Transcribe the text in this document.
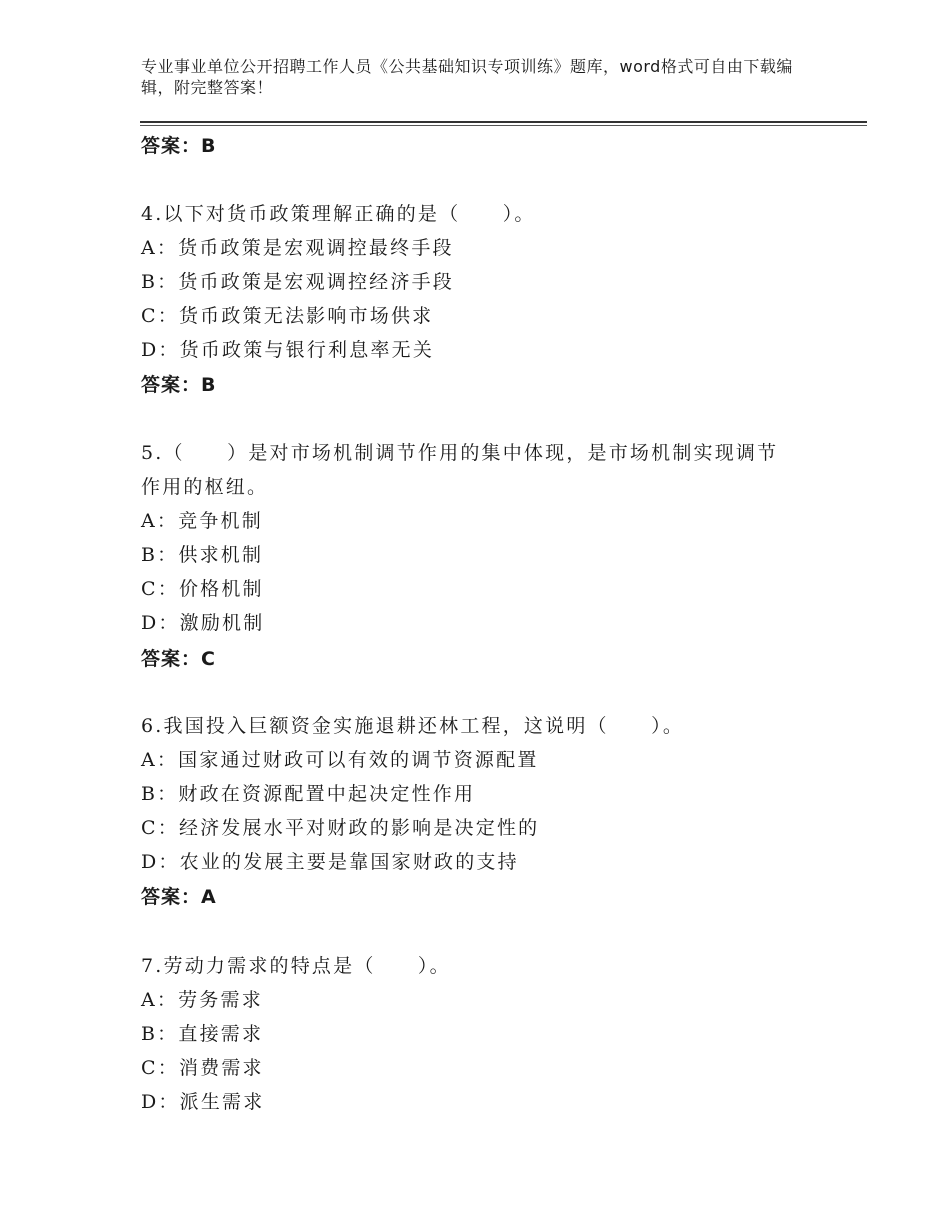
专业事业单位公开招聘工作人员《公共基础知识专项训练》题库，word格式可自由下载编辑，附完整答案！
答案：B
4.以下对货币政策理解正确的是（　　）。
A：货币政策是宏观调控最终手段
B：货币政策是宏观调控经济手段
C：货币政策无法影响市场供求
D：货币政策与银行利息率无关
答案：B
5.（　　）是对市场机制调节作用的集中体现，是市场机制实现调节
作用的枢纽。
A：竞争机制
B：供求机制
C：价格机制
D：激励机制
答案：C
6.我国投入巨额资金实施退耕还林工程，这说明（　　）。
A：国家通过财政可以有效的调节资源配置
B：财政在资源配置中起决定性作用
C：经济发展水平对财政的影响是决定性的
D：农业的发展主要是靠国家财政的支持
答案：A
7.劳动力需求的特点是（　　）。
A：劳务需求
B：直接需求
C：消费需求
D：派生需求
